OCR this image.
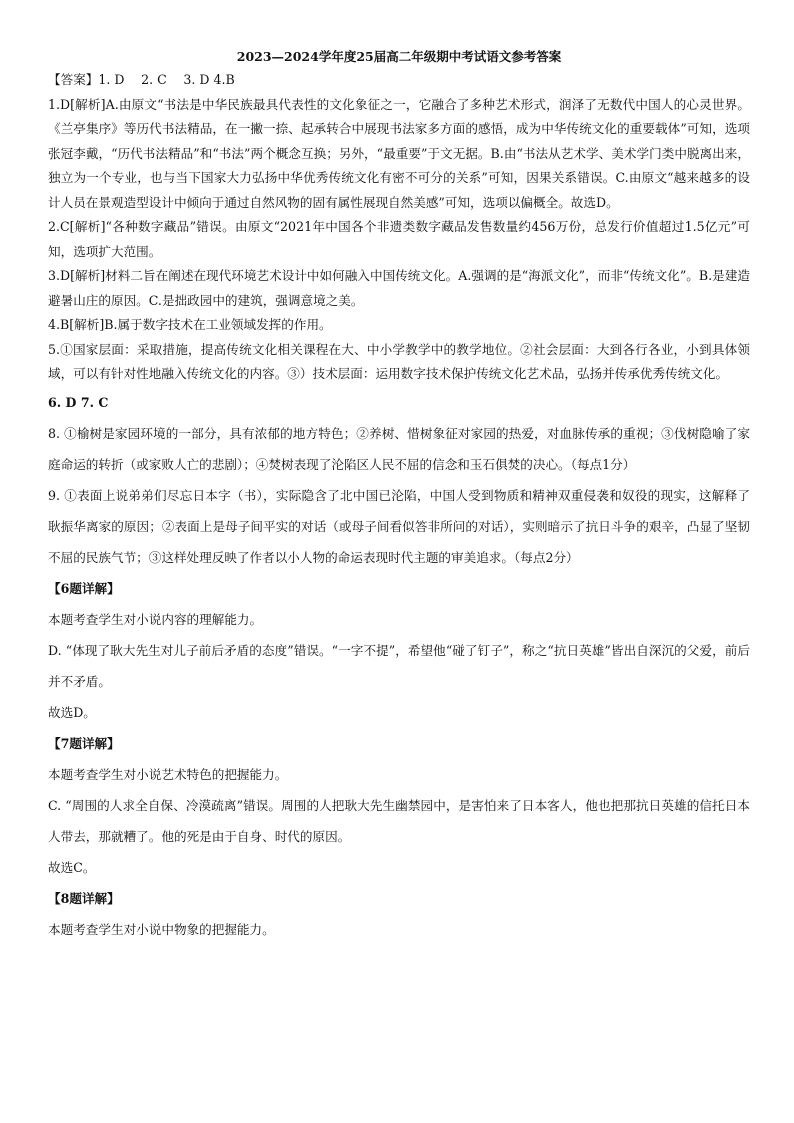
2023—2024学年度25届高二年级期中考试语文参考答案

【答案】1. D　 2. C　 3. D 4.B

1.D[解析]A.由原文“书法是中华民族最具代表性的文化象征之一，它融合了多种艺术形式，润泽了无数代中国人的心灵世界。《兰亭集序》等历代书法精品，在一撇一捺、起承转合中展现书法家多方面的感悟，成为中华传统文化的重要载体”可知，选项张冠李戴，“历代书法精品”和“书法”两个概念互换；另外，“最重要”于文无据。B.由“书法从艺术学、美术学门类中脱离出来，独立为一个专业，也与当下国家大力弘扬中华优秀传统文化有密不可分的关系”可知，因果关系错误。C.由原文“越来越多的设计人员在景观造型设计中倾向于通过自然风物的固有属性展现自然美感”可知，选项以偏概全。故选D。

2.C[解析]“各种数字藏品”错误。由原文“2021年中国各个非遗类数字藏品发售数量约456万份，总发行价值超过1.5亿元”可知，选项扩大范围。

3.D[解析]材料二旨在阐述在现代环境艺术设计中如何融入中国传统文化。A.强调的是“海派文化”，而非“传统文化”。B.是建造避暑山庄的原因。C.是拙政园中的建筑，强调意境之美。

4.B[解析]B.属于数字技术在工业领域发挥的作用。

5.①国家层面：采取措施，提高传统文化相关课程在大、中小学教学中的教学地位。②社会层面：大到各行各业，小到具体领域，可以有针对性地融入传统文化的内容。③）技术层面：运用数字技术保护传统文化艺术品，弘扬并传承优秀传统文化。

6. D 7. C

8. ①榆树是家园环境的一部分，具有浓郁的地方特色；②养树、惜树象征对家园的热爱，对血脉传承的重视；③伐树隐喻了家庭命运的转折（或家败人亡的悲剧）；④焚树表现了沦陷区人民不屈的信念和玉石俱焚的决心。（每点1分）

9. ①表面上说弟弟们尽忘日本字（书），实际隐含了北中国已沦陷，中国人受到物质和精神双重侵袭和奴役的现实，这解释了耿振华离家的原因；②表面上是母子间平实的对话（或母子间看似答非所问的对话），实则暗示了抗日斗争的艰辛，凸显了坚韧不屈的民族气节；③这样处理反映了作者以小人物的命运表现时代主题的审美追求。（每点2分）

【6题详解】

本题考查学生对小说内容的理解能力。

D. “体现了耿大先生对儿子前后矛盾的态度”错误。“一字不提”，希望他“碰了钉子”，称之“抗日英雄”皆出自深沉的父爱，前后并不矛盾。

故选D。

【7题详解】

本题考查学生对小说艺术特色的把握能力。

C. “周围的人求全自保、冷漠疏离”错误。周围的人把耿大先生幽禁园中，是害怕来了日本客人，他也把那抗日英雄的信托日本人带去，那就糟了。他的死是由于自身、时代的原因。

故选C。

【8题详解】

本题考查学生对小说中物象的把握能力。
